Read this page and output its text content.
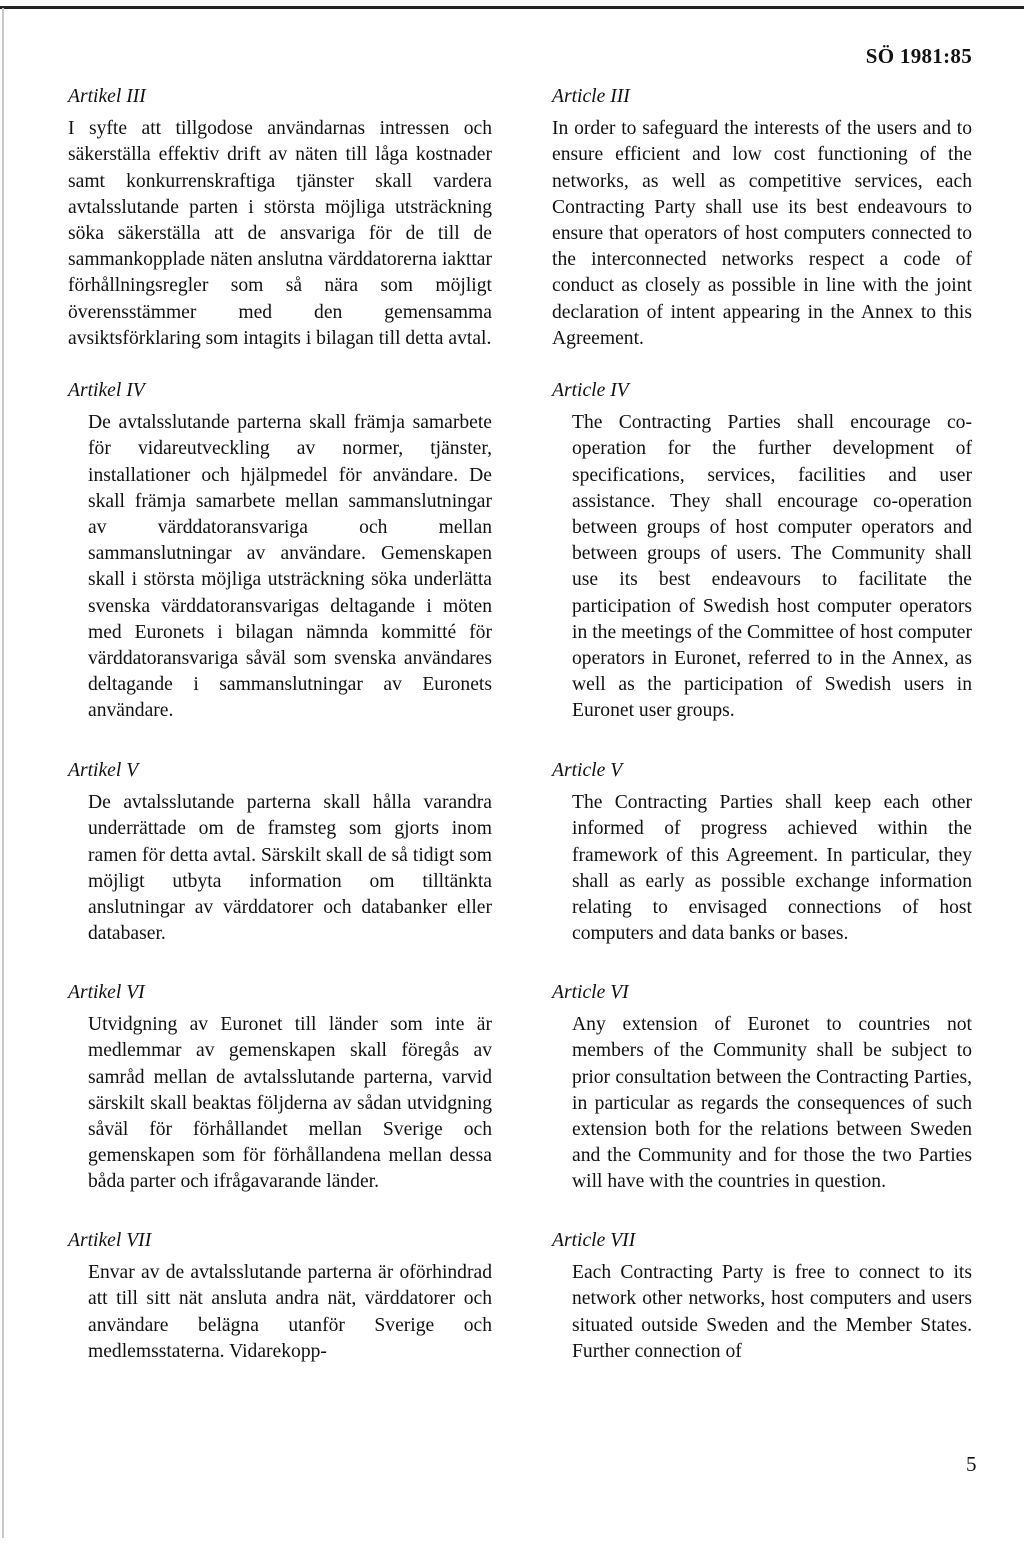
SÖ 1981:85

Artikel III

I syfte att tillgodose användarnas intressen och säkerställa effektiv drift av näten till låga kostnader samt konkurrenskraftiga tjänster skall vardera avtalsslutande parten i största möjliga utsträckning söka säkerställa att de ansvariga för de till de sammankopplade näten anslutna värddatorerna iakttar förhållningsregler som så nära som möjligt överensstämmer med den gemensamma avsiktsförklaring som intagits i bilagan till detta avtal.

Artikel IV

De avtalsslutande parterna skall främja samarbete för vidareutveckling av normer, tjänster, installationer och hjälpmedel för användare. De skall främja samarbete mellan sammanslutningar av värddatoransvariga och mellan sammanslutningar av användare. Gemenskapen skall i största möjliga utsträckning söka underlätta svenska värddatoransvarigas deltagande i möten med Euronets i bilagan nämnda kommitté för värddatoransvariga såväl som svenska användares deltagande i sammanslutningar av Euronets användare.

Artikel V

De avtalsslutande parterna skall hålla varandra underrättade om de framsteg som gjorts inom ramen för detta avtal. Särskilt skall de så tidigt som möjligt utbyta information om tilltänkta anslutningar av värddatorer och databanker eller databaser.

Artikel VI

Utvidgning av Euronet till länder som inte är medlemmar av gemenskapen skall föregås av samråd mellan de avtalsslutande parterna, varvid särskilt skall beaktas följderna av sådan utvidgning såväl för förhållandet mellan Sverige och gemenskapen som för förhållandena mellan dessa båda parter och ifrågavarande länder.

Artikel VII

Envar av de avtalsslutande parterna är oförhindrad att till sitt nät ansluta andra nät, värddatorer och användare belägna utanför Sverige och medlemsstaterna. Vidarekopp-

Article III

In order to safeguard the interests of the users and to ensure efficient and low cost functioning of the networks, as well as competitive services, each Contracting Party shall use its best endeavours to ensure that operators of host computers connected to the interconnected networks respect a code of conduct as closely as possible in line with the joint declaration of intent appearing in the Annex to this Agreement.

Article IV

The Contracting Parties shall encourage co-operation for the further development of specifications, services, facilities and user assistance. They shall encourage co-operation between groups of host computer operators and between groups of users. The Community shall use its best endeavours to facilitate the participation of Swedish host computer operators in the meetings of the Committee of host computer operators in Euronet, referred to in the Annex, as well as the participation of Swedish users in Euronet user groups.

Article V

The Contracting Parties shall keep each other informed of progress achieved within the framework of this Agreement. In particular, they shall as early as possible exchange information relating to envisaged connections of host computers and data banks or bases.

Article VI

Any extension of Euronet to countries not members of the Community shall be subject to prior consultation between the Contracting Parties, in particular as regards the consequences of such extension both for the relations between Sweden and the Community and for those the two Parties will have with the countries in question.

Article VII

Each Contracting Party is free to connect to its network other networks, host computers and users situated outside Sweden and the Member States. Further connection of

5
